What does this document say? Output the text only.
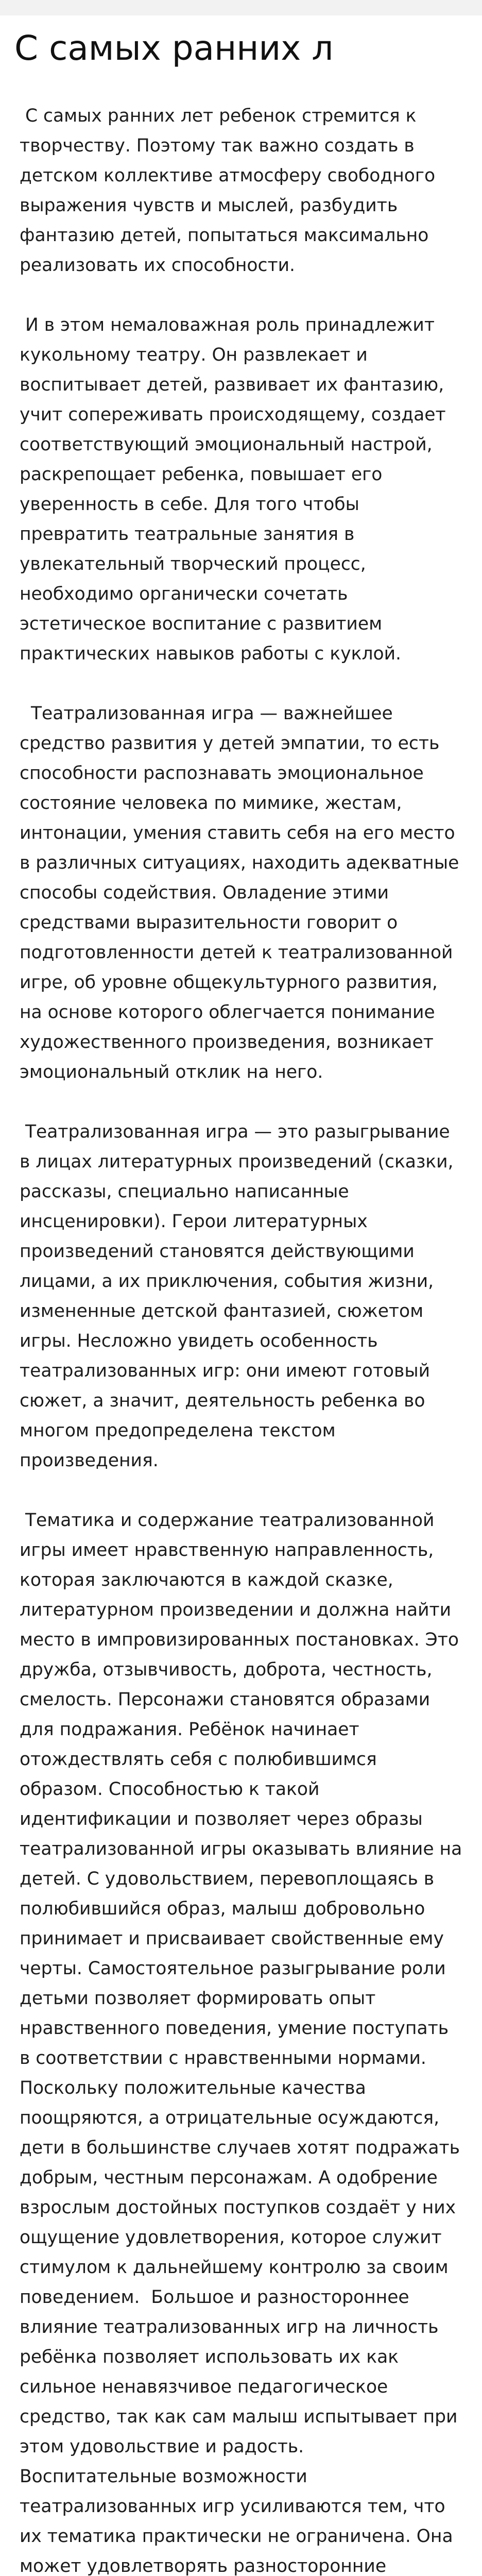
С самых ранних л

С самых ранних лет ребенок стремится к творчеству. Поэтому так важно создать в детском коллективе атмосферу свободного выражения чувств и мыслей, разбудить фантазию детей, попытаться максимально реализовать их способности.

И в этом немаловажная роль принадлежит кукольному театру. Он развлекает и воспитывает детей, развивает их фантазию, учит сопереживать происходящему, создает соответствующий эмоциональный настрой, раскрепощает ребенка, повышает его уверенность в себе. Для того чтобы превратить театральные занятия в увлекательный творческий процесс, необходимо органически сочетать эстетическое воспитание с развитием практических навыков работы с куклой.

Театрализованная игра — важнейшее средство развития у детей эмпатии, то есть способности распознавать эмоциональное состояние человека по мимике, жестам, интонации, умения ставить себя на его место в различных ситуациях, находить адекватные способы содействия. Овладение этими средствами выразительности говорит о подготовленности детей к театрализованной игре, об уровне общекультурного развития, на основе которого облегчается понимание художественного произведения, возникает эмоциональный отклик на него.

Театрализованная игра — это разыгрывание в лицах литературных произведений (сказки, рассказы, специально написанные инсценировки). Герои литературных произведений становятся действующими лицами, а их приключения, события жизни, измененные детской фантазией, сюжетом игры. Несложно увидеть особенность театрализованных игр: они имеют готовый сюжет, а значит, деятельность ребенка во многом предопределена текстом произведения.

Тематика и содержание театрализованной игры имеет нравственную направленность, которая заключаются в каждой сказке, литературном произведении и должна найти место в импровизированных постановках. Это дружба, отзывчивость, доброта, честность, смелость. Персонажи становятся образами для подражания. Ребёнок начинает отождествлять себя с полюбившимся образом. Способностью к такой идентификации и позволяет через образы театрализованной игры оказывать влияние на детей. С удовольствием, перевоплощаясь в полюбившийся образ, малыш добровольно принимает и присваивает свойственные ему черты. Самостоятельное разыгрывание роли детьми позволяет формировать опыт нравственного поведения, умение поступать в соответствии с нравственными нормами. Поскольку положительные качества поощряются, а отрицательные осуждаются, дети в большинстве случаев хотят подражать добрым, честным персонажам. А одобрение взрослым достойных поступков создаёт у них ощущение удовлетворения, которое служит стимулом к дальнейшему контролю за своим поведением.  Большое и разностороннее влияние театрализованных игр на личность ребёнка позволяет использовать их как сильное ненавязчивое педагогическое средство, так как сам малыш испытывает при этом удовольствие и радость. Воспитательные возможности театрализованных игр усиливаются тем, что их тематика практически не ограничена. Она может удовлетворять разносторонние
